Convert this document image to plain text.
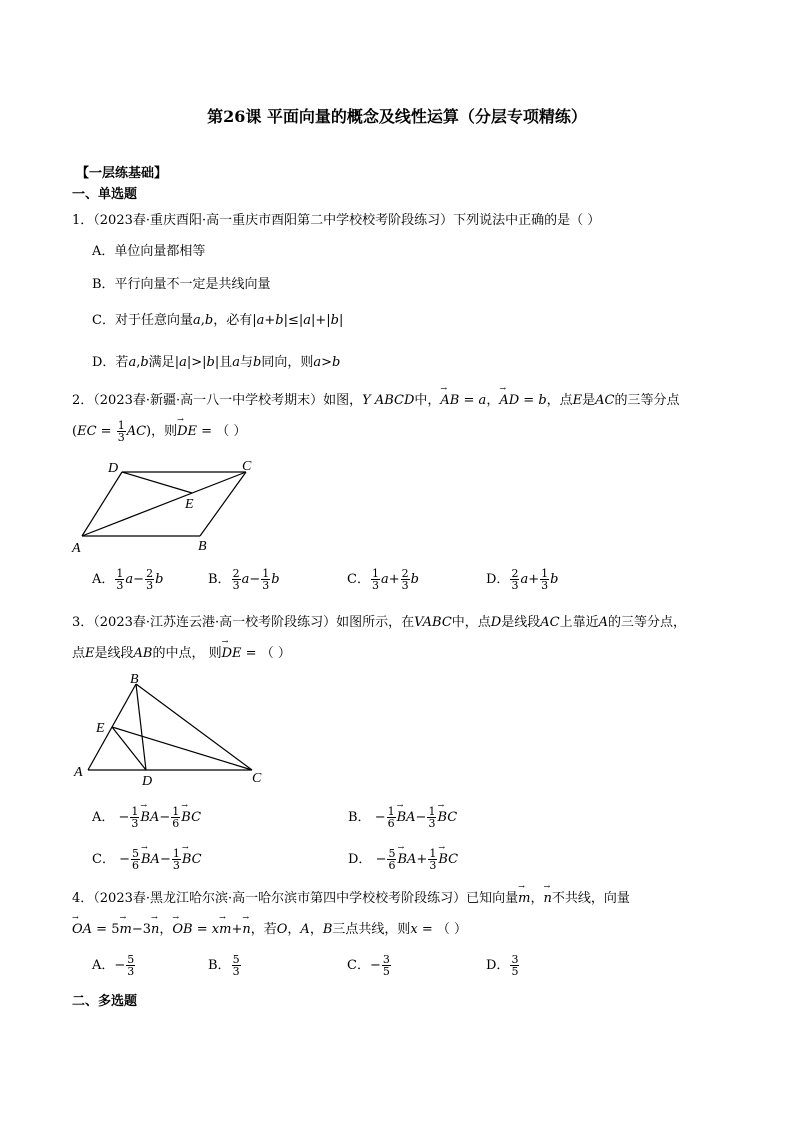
第26课 平面向量的概念及线性运算（分层专项精练）
【一层练基础】
一、单选题
1．（2023春·重庆酉阳·高一重庆市酉阳第二中学校校考阶段练习）下列说法中正确的是（ ）
A．单位向量都相等
B．平行向量不一定是共线向量
C．对于任意向量a,b，必有|a+b|≤|a|+|b|
D．若a,b满足|a|>|b|且a与b同向，则a>b
2．（2023春·新疆·高一八一中学校考期末）如图，Y ABCD中，→ AB = a，→ AD = b，点E是AC的三等分点
$(EC = \frac{1}{3} AC)$，则→ DE = （ ）
A	B
C
D
E
A． $\frac{1}{3} a- \frac{2}{3}$ b	B． $\frac{2}{3} a- \frac{1}{3}$ b	C． $\frac{1}{3} a+ \frac{2}{3}$ b	D． $\frac{2}{3} a+ \frac{1}{3}$ b
3．（2023春·江苏连云港·高一校考阶段练习）如图所示，在VABC中，点D是线段AC上靠近A的三等分点，
点E是线段AB的中点， 则→ DE = （ ）
A
B
C
D
E
A． − $\frac{1}{3}$
→ $BA- \frac{1}{6}$
→ BC	B． − $\frac{1}{6}$
→ $BA- \frac{1}{3}$
→ BC
C． − $\frac{5}{6}$
→ $BA- \frac{1}{3}$
→ BC	D． − $\frac{5}{6}$
→ $BA+ \frac{1}{3}$
→ BC
4．（2023春·黑龙江哈尔滨·高一哈尔滨市第四中学校校考阶段练习）已知向量→ m，→ n不共线，向量
→ OA = 5→ m−3→ n，→ OB = x→ m+→ n，若O，A，B三点共线，则x = （ ）
A．− $\frac{5}{3}$	B． $\frac{5}{3}$	C．− $\frac{3}{5}$	D． $\frac{3}{5}$
二、多选题
